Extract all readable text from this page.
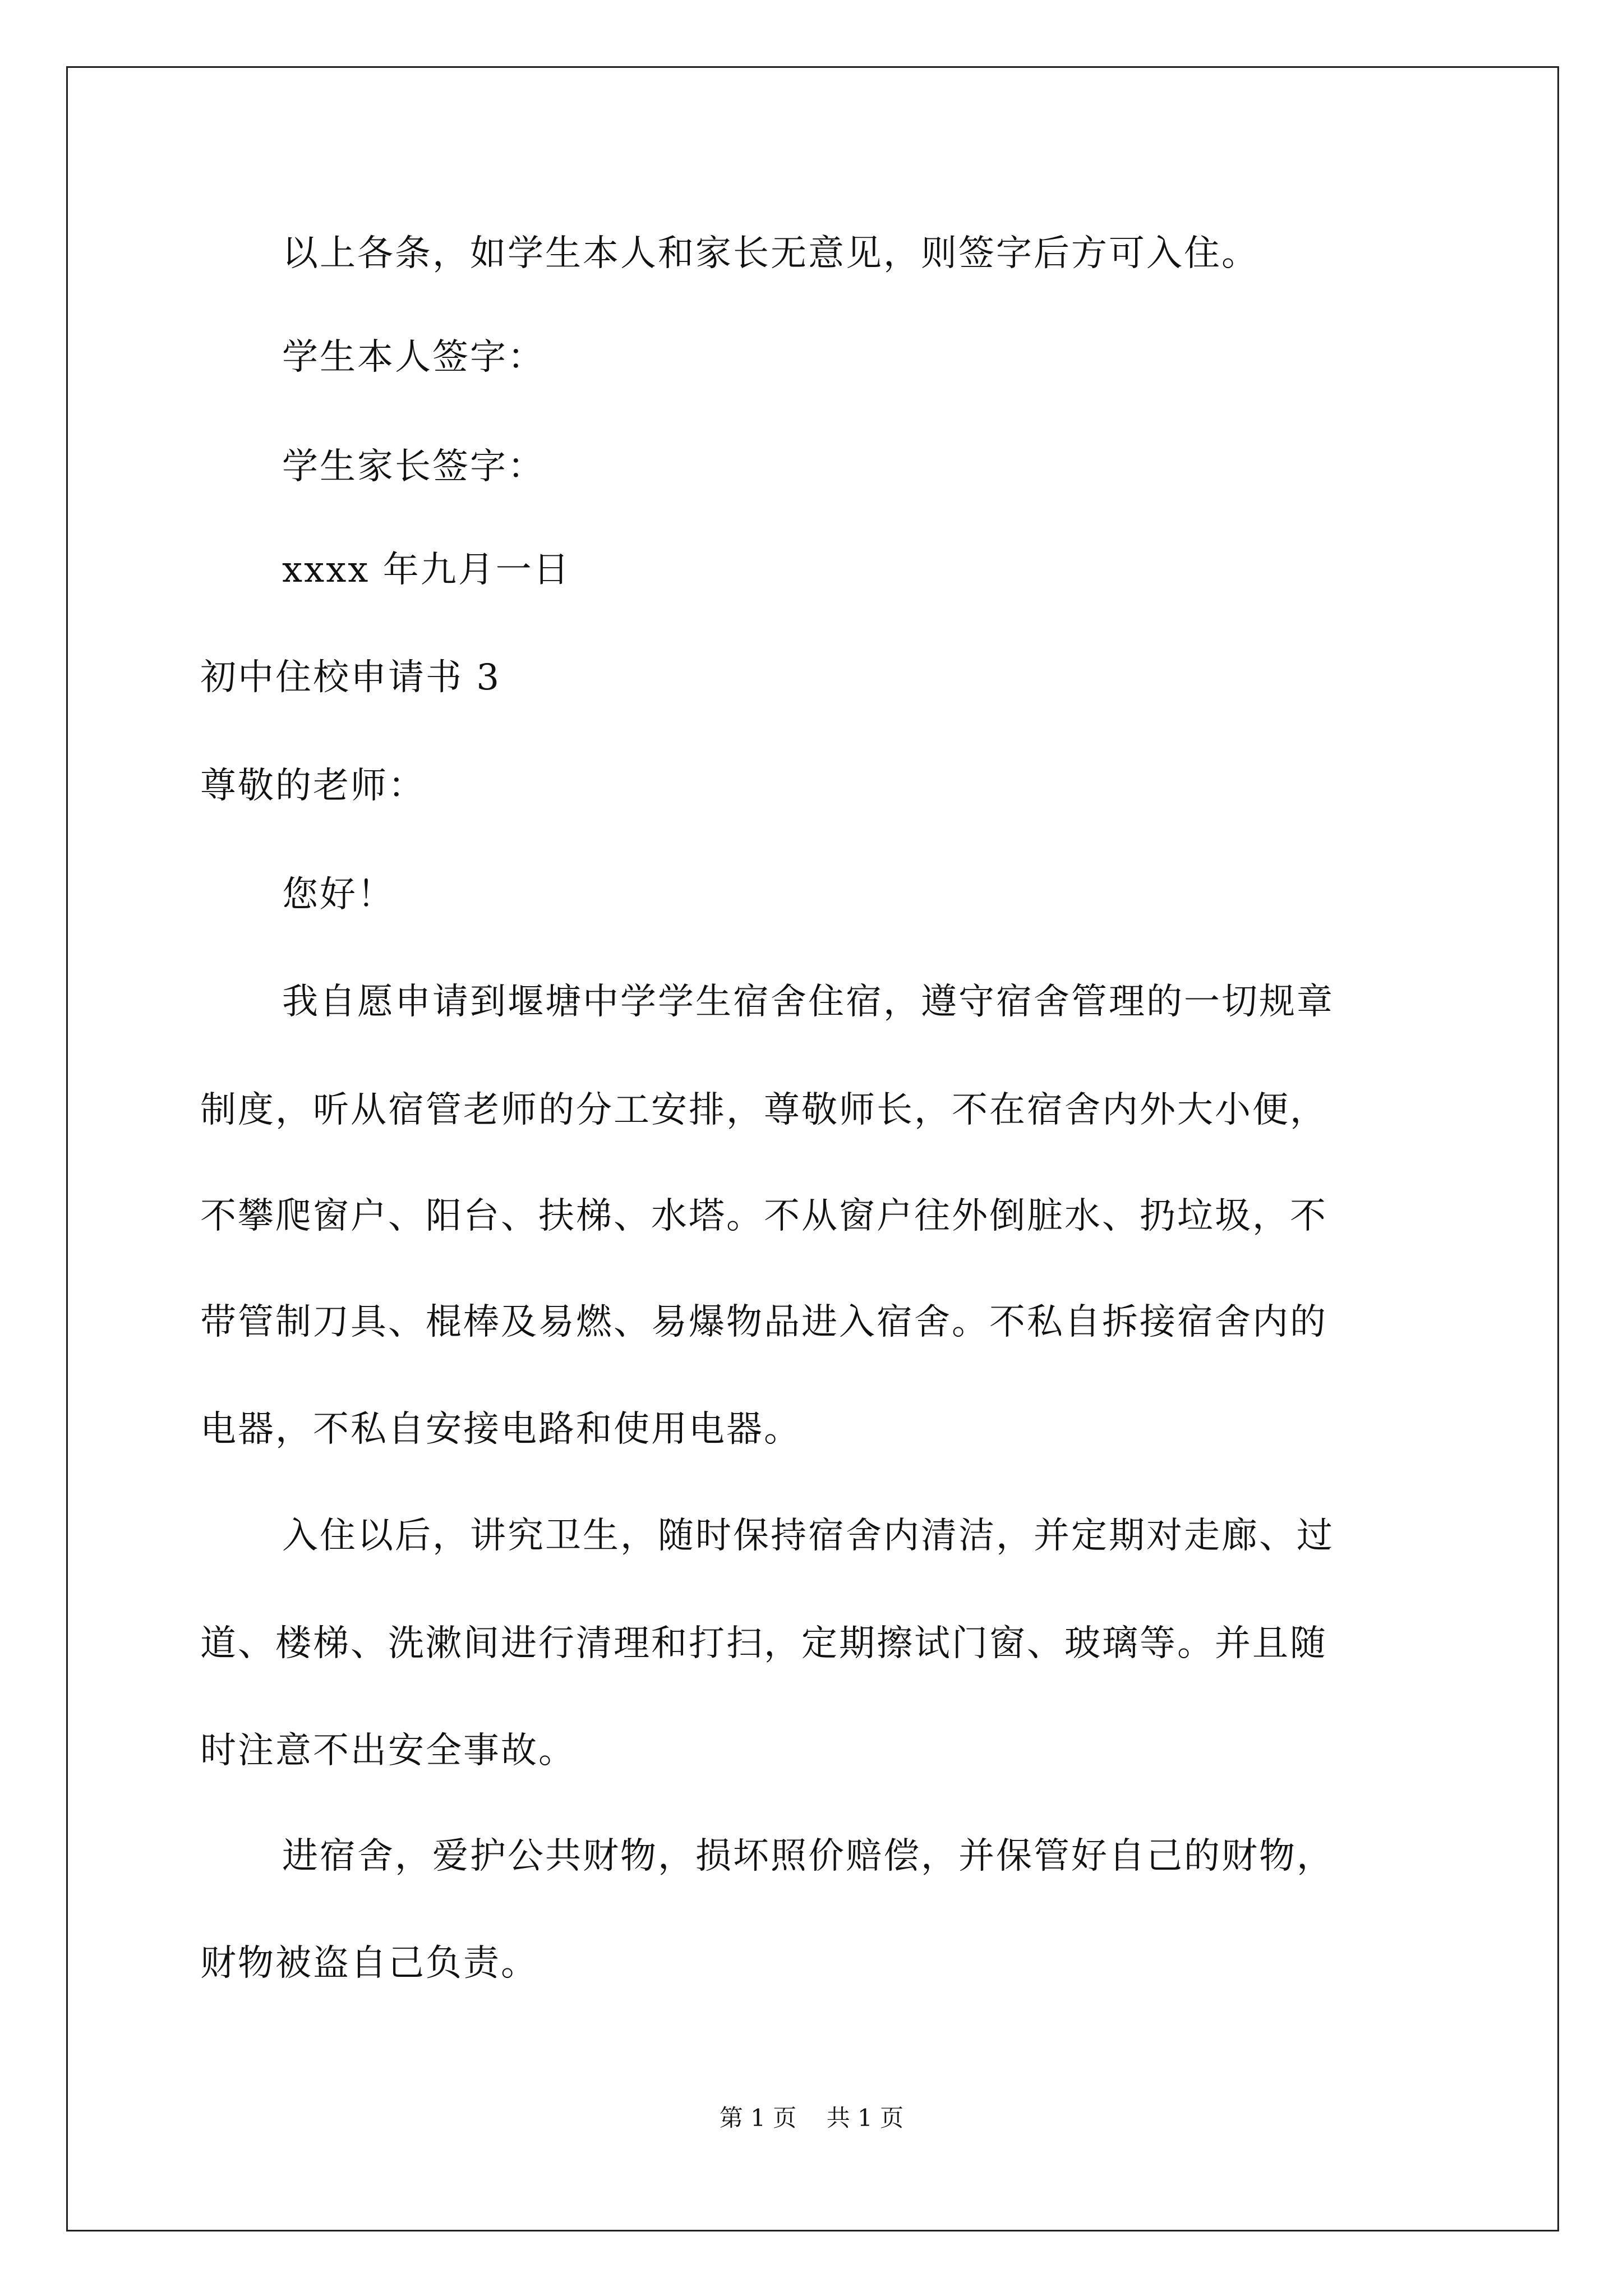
以上各条，如学生本人和家长无意见，则签字后方可入住。
学生本人签字：
学生家长签字：
xxxx 年九月一日
初中住校申请书 3
尊敬的老师：
您好！
我自愿申请到堰塘中学学生宿舍住宿，遵守宿舍管理的一切规章
制度，听从宿管老师的分工安排，尊敬师长，不在宿舍内外大小便，
不攀爬窗户、阳台、扶梯、水塔。不从窗户往外倒脏水、扔垃圾，不
带管制刀具、棍棒及易燃、易爆物品进入宿舍。不私自拆接宿舍内的
电器，不私自安接电路和使用电器。
入住以后，讲究卫生，随时保持宿舍内清洁，并定期对走廊、过
道、楼梯、洗漱间进行清理和打扫，定期擦试门窗、玻璃等。并且随
时注意不出安全事故。
进宿舍，爱护公共财物，损坏照价赔偿，并保管好自己的财物，
财物被盗自己负责。
第 1 页    共 1 页
